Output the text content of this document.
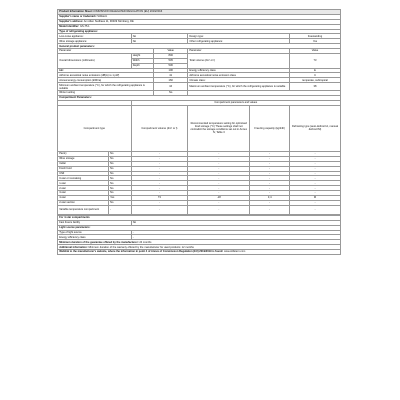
Product Information Sheet COMMISSION DELEGATED REGULATION (EU) 2019/2016					
Supplier's name or trademark: Stillstern					
Supplier's address: Am Alten Sudhaus 11, 90409 Nürnberg, DE					
Model identifier: GS-75.1					
Type of refrigerating appliance:					
Low-noise appliance:	No		Design type:		freestanding
Wine storage appliance:	No		Other refrigerating appliance:		Yes
General product parameters:					
Parameter		Value	Parameter		Value
Overall dimensions (millimetre)	Height	846	Total volume (dm³ or l)		73
	Width	545			
	Depth	530			
EEI		100	Energy efficiency class		E
Airborne acoustical noise emissions (dB(A) re 1 pW)		41	Airborne acoustical noise emission class		C
Annual energy consumption (kWh/a)		160	Climate class:		temperate, subtropical
Minimum ambient temperature (°C), for which the refrigerating appliance is suitable		16	Maximum ambient temperature (°C), for which the refrigerating appliance is suitable		38
Winter setting		No			
Compartment Parameters:					
	Compartment parameters and values				
Compartment type	Compartment volume (dm³ or l)		Recommended temperature setting for optimised food storage (°C) These settings shall not contradict the storage conditions set out in Annex IV, Table 3	Freezing capacity (kg/24h)	Defrosting type (auto-defrost=A, manual defrost=M)
Pantry	No	-	-	-	-
Wine storage	No	-	-	-	-
Cellar	No	-	-	-	-
Fresh food	No	-	-	-	-
Chill	No	-	-	-	-
0-star or icemaking	No	-	-	-	-
1-star	No	-	-	-	-
2-star	No	-	-	-	-
3-star	No	-	-	-	-
4-star	Yes	73	-18	3,4	M
2-star section	No	-	-	-	-
Variable temperature compartment	-	-	-	-	-
For 4-star compartments	
Fast freeze facility	No
Light source parameters:	
Type of light source	-
Energy efficiency class	-
Minimum duration of the guarantee offered by the manufacturer: 24 months	
Additional information: Minimum duration of the warranty offered by the manufacturer for used products: 12 months	
Weblink to the manufacturer's website, where the information in point 4 of Annex of Commission Regulation (EU) 2019/2019 is found: www.stillstern.com	
